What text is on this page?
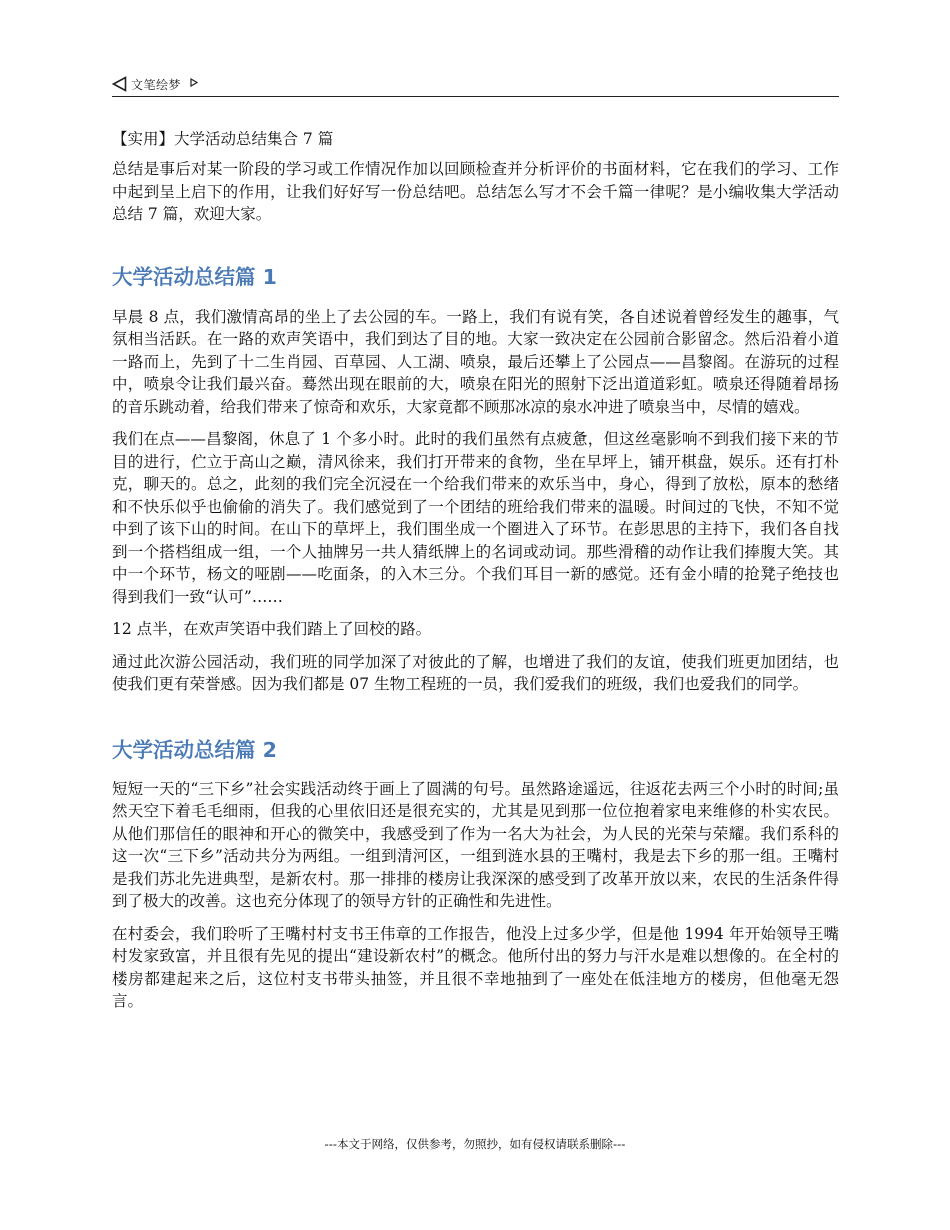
文笔绘梦

【实用】大学活动总结集合 7 篇

总结是事后对某一阶段的学习或工作情况作加以回顾检查并分析评价的书面材料，它在我们的学习、工作中起到呈上启下的作用，让我们好好写一份总结吧。总结怎么写才不会千篇一律呢？是小编收集大学活动总结 7 篇，欢迎大家。

大学活动总结篇 1

早晨 8 点，我们激情高昂的坐上了去公园的车。一路上，我们有说有笑，各自述说着曾经发生的趣事，气氛相当活跃。在一路的欢声笑语中，我们到达了目的地。大家一致决定在公园前合影留念。然后沿着小道一路而上，先到了十二生肖园、百草园、人工湖、喷泉，最后还攀上了公园点——昌黎阁。在游玩的过程中，喷泉令让我们最兴奋。蓦然出现在眼前的大，喷泉在阳光的照射下泛出道道彩虹。喷泉还得随着昂扬的音乐跳动着，给我们带来了惊奇和欢乐，大家竟都不顾那冰凉的泉水冲进了喷泉当中，尽情的嬉戏。

我们在点——昌黎阁，休息了 1 个多小时。此时的我们虽然有点疲惫，但这丝毫影响不到我们接下来的节目的进行，伫立于高山之巅，清风徐来，我们打开带来的食物，坐在早坪上，铺开棋盘，娱乐。还有打朴克，聊天的。总之，此刻的我们完全沉浸在一个给我们带来的欢乐当中，身心，得到了放松，原本的愁绪和不快乐似乎也偷偷的消失了。我们感觉到了一个团结的班给我们带来的温暖。时间过的飞快，不知不觉中到了该下山的时间。在山下的草坪上，我们围坐成一个圈进入了环节。在彭思思的主持下，我们各自找到一个搭档组成一组，一个人抽牌另一共人猜纸牌上的名词或动词。那些滑稽的动作让我们捧腹大笑。其中一个环节，杨文的哑剧——吃面条，的入木三分。个我们耳目一新的感觉。还有金小晴的抢凳子绝技也得到我们一致“认可”……

12 点半，在欢声笑语中我们踏上了回校的路。

通过此次游公园活动，我们班的同学加深了对彼此的了解，也增进了我们的友谊，使我们班更加团结，也使我们更有荣誉感。因为我们都是 07 生物工程班的一员，我们爱我们的班级，我们也爱我们的同学。

大学活动总结篇 2

短短一天的“三下乡”社会实践活动终于画上了圆满的句号。虽然路途遥远，往返花去两三个小时的时间;虽然天空下着毛毛细雨，但我的心里依旧还是很充实的，尤其是见到那一位位抱着家电来维修的朴实农民。从他们那信任的眼神和开心的微笑中，我感受到了作为一名大为社会，为人民的光荣与荣耀。我们系科的这一次“三下乡”活动共分为两组。一组到清河区，一组到涟水县的王嘴村，我是去下乡的那一组。王嘴村是我们苏北先进典型，是新农村。那一排排的楼房让我深深的感受到了改革开放以来，农民的生活条件得到了极大的改善。这也充分体现了的领导方针的正确性和先进性。

在村委会，我们聆听了王嘴村村支书王伟章的工作报告，他没上过多少学，但是他 1994 年开始领导王嘴村发家致富，并且很有先见的提出“建设新农村”的概念。他所付出的努力与汗水是难以想像的。在全村的楼房都建起来之后，这位村支书带头抽签，并且很不幸地抽到了一座处在低洼地方的楼房，但他毫无怨言。

---本文于网络，仅供参考，勿照抄，如有侵权请联系删除---
